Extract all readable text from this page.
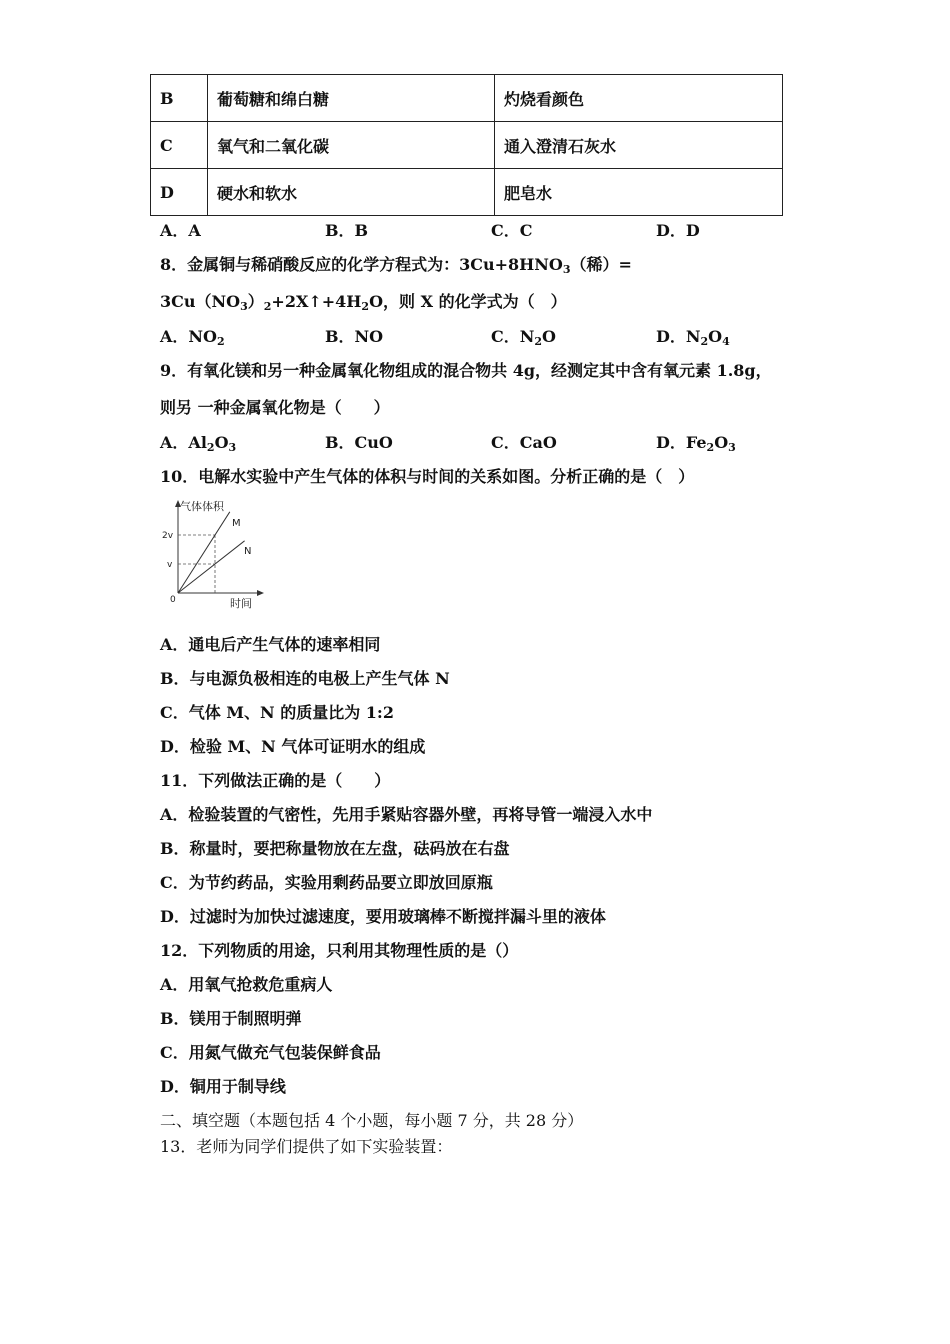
B	葡萄糖和绵白糖	灼烧看颜色
C	氧气和二氧化碳	通入澄清石灰水
D	硬水和软水	肥皂水
A．A	B．B	C．C	D．D
8．金属铜与稀硝酸反应的化学方程式为：$3Cu+8HNO_3$（稀）=
$3Cu(NO_3)_2+2X↑+4H_2O$，则 X 的化学式为（　）
A．$NO_2$	B．NO	C．$N_2O$	D．$N_2O_4$
9．有氧化镁和另一种金属氧化物组成的混合物共 4g，经测定其中含有氧元素 1.8g，
则另 一种金属氧化物是（　　）
A．$Al_2O_3$	B．CuO	C．CaO	D．$Fe_2O_3$
10．电解水实验中产生气体的体积与时间的关系如图。分析正确的是（　）
气体体积
时间
0
v
2v
M
N
A．通电后产生气体的速率相同
B．与电源负极相连的电极上产生气体 N
C．气体 M、N 的质量比为 1:2
D．检验 M、N 气体可证明水的组成
11．下列做法正确的是（　　）
A．检验装置的气密性，先用手紧贴容器外壁，再将导管一端浸入水中
B．称量时，要把称量物放在左盘，砝码放在右盘
C．为节约药品，实验用剩药品要立即放回原瓶
D．过滤时为加快过滤速度，要用玻璃棒不断搅拌漏斗里的液体
12．下列物质的用途，只利用其物理性质的是（）
A．用氧气抢救危重病人
B．镁用于制照明弹
C．用氮气做充气包装保鲜食品
D．铜用于制导线
二、填空题（本题包括 4 个小题，每小题 7 分，共 28 分）
13．老师为同学们提供了如下实验装置：
